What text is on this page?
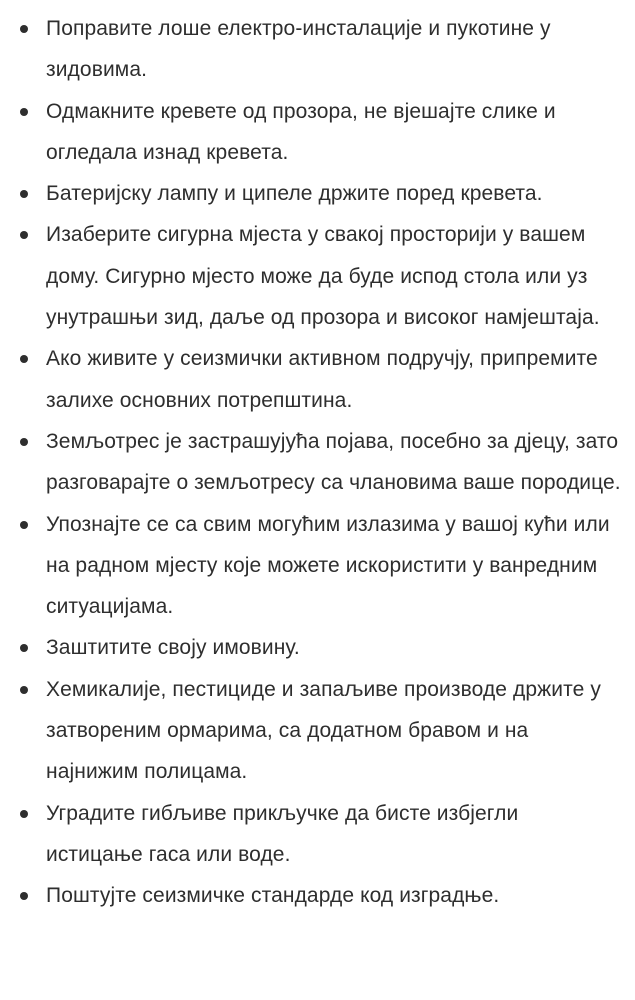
Поправите лоше електро-инсталације и пукотине у зидовима.
Одмакните кревете од прозора, не вјешајте слике и огледала изнад кревета.
Батеријску лампу и ципеле држите поред кревета.
Изаберите сигурна мјеста у свакој просторији у вашем дому. Сигурно мјесто може да буде испод стола или уз унутрашњи зид, даље од прозора и високог намјештаја.
Ако живите у сеизмички активном подручју, припремите залихе основних потрепштина.
Земљотрес је застрашујућа појава, посебно за дјецу, зато разговарајте о земљотресу са члановима ваше породице.
Упознајте се са свим могућим излазима у вашој кући или на радном мјесту које можете искористити у ванредним ситуацијама.
Заштитите своју имовину.
Хемикалије, пестициде и запаљиве производе држите у затвореним ормарима, са додатном бравом и на најнижим полицама.
Уградите гибљиве прикључке да бисте избјегли истицање гаса или воде.
Поштујте сеизмичке стандарде код изградње.
